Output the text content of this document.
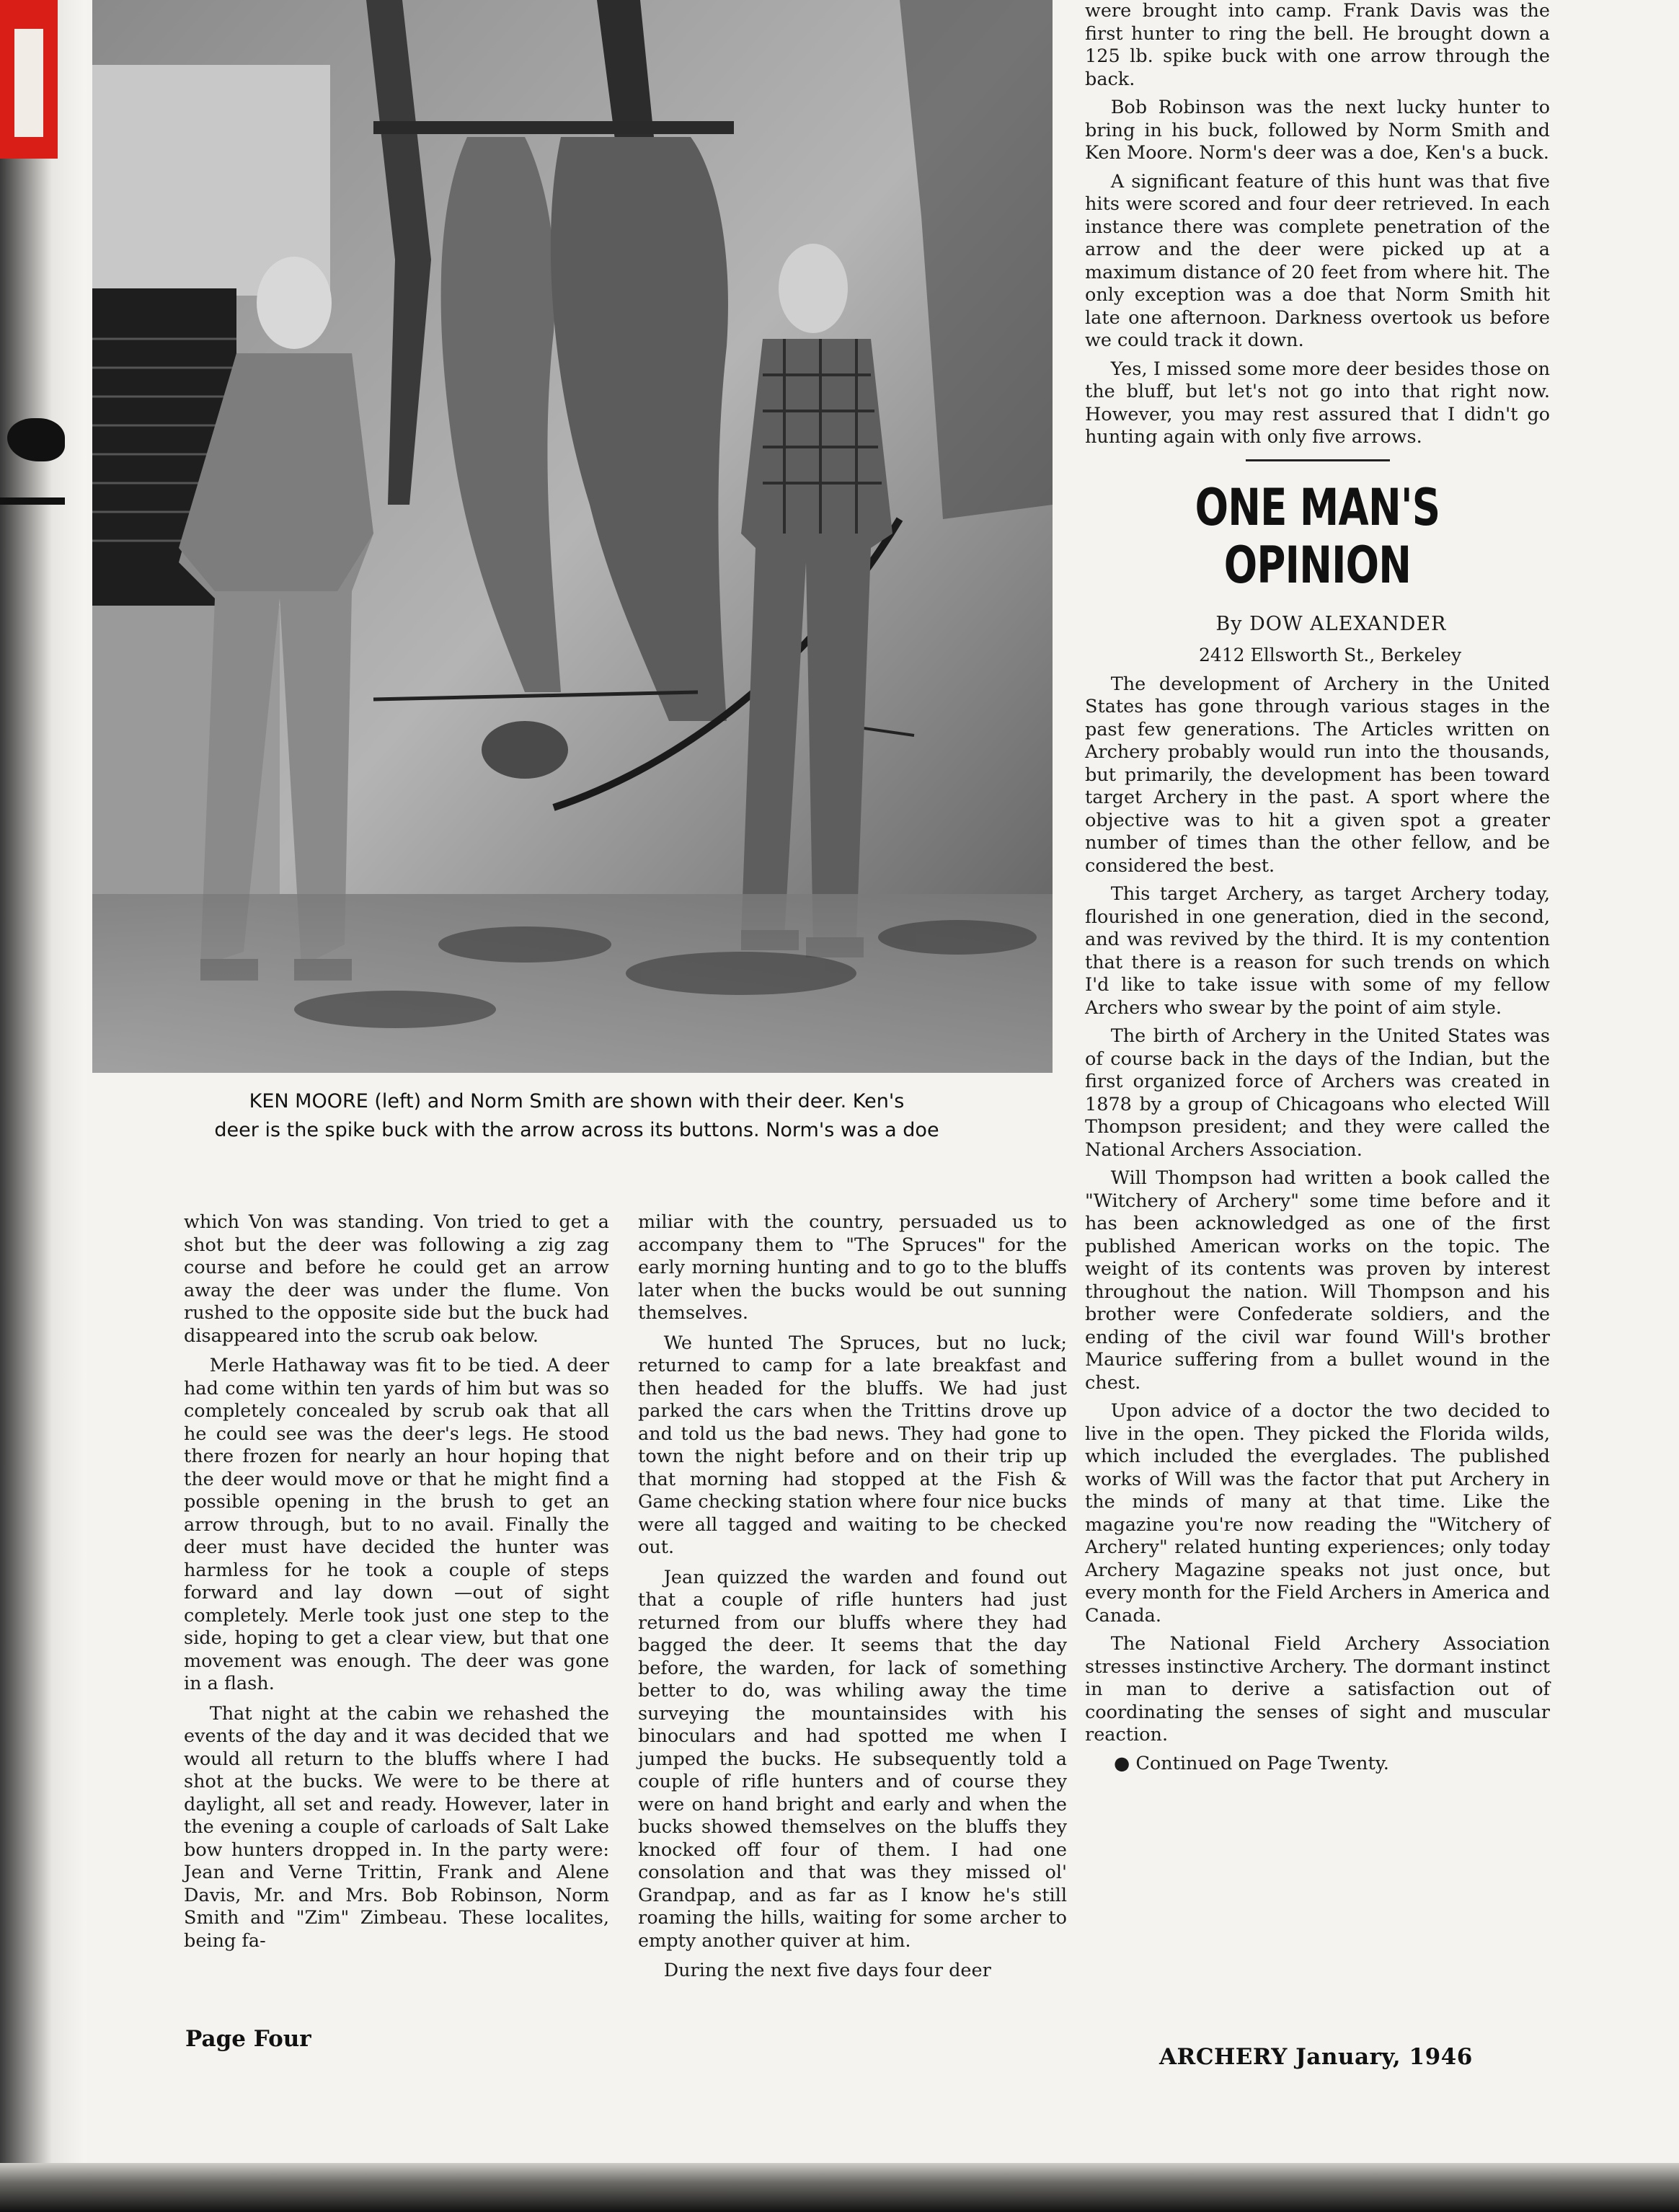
KEN MOORE (left) and Norm Smith are shown with their deer. Ken's
deer is the spike buck with the arrow across its buttons. Norm's was a doe

which Von was standing. Von tried to get a shot but the deer was following a zig zag course and before he could get an arrow away the deer was under the flume. Von rushed to the opposite side but the buck had disappeared into the scrub oak below.

Merle Hathaway was fit to be tied. A deer had come within ten yards of him but was so completely concealed by scrub oak that all he could see was the deer's legs. He stood there frozen for nearly an hour hoping that the deer would move or that he might find a possible opening in the brush to get an arrow through, but to no avail. Finally the deer must have decided the hunter was harmless for he took a couple of steps forward and lay down —out of sight completely. Merle took just one step to the side, hoping to get a clear view, but that one movement was enough. The deer was gone in a flash.

That night at the cabin we rehashed the events of the day and it was decided that we would all return to the bluffs where I had shot at the bucks. We were to be there at daylight, all set and ready. However, later in the evening a couple of carloads of Salt Lake bow hunters dropped in. In the party were: Jean and Verne Trittin, Frank and Alene Davis, Mr. and Mrs. Bob Robinson, Norm Smith and "Zim" Zimbeau. These localites, being fa-

miliar with the country, persuaded us to accompany them to "The Spruces" for the early morning hunting and to go to the bluffs later when the bucks would be out sunning themselves.

We hunted The Spruces, but no luck; returned to camp for a late breakfast and then headed for the bluffs. We had just parked the cars when the Trittins drove up and told us the bad news. They had gone to town the night before and on their trip up that morning had stopped at the Fish & Game checking station where four nice bucks were all tagged and waiting to be checked out.

Jean quizzed the warden and found out that a couple of rifle hunters had just returned from our bluffs where they had bagged the deer. It seems that the day before, the warden, for lack of something better to do, was whiling away the time surveying the mountainsides with his binoculars and had spotted me when I jumped the bucks. He subsequently told a couple of rifle hunters and of course they were on hand bright and early and when the bucks showed themselves on the bluffs they knocked off four of them. I had one consolation and that was they missed ol' Grandpap, and as far as I know he's still roaming the hills, waiting for some archer to empty another quiver at him.

During the next five days four deer

were brought into camp. Frank Davis was the first hunter to ring the bell. He brought down a 125 lb. spike buck with one arrow through the back.

Bob Robinson was the next lucky hunter to bring in his buck, followed by Norm Smith and Ken Moore. Norm's deer was a doe, Ken's a buck.

A significant feature of this hunt was that five hits were scored and four deer retrieved. In each instance there was complete penetration of the arrow and the deer were picked up at a maximum distance of 20 feet from where hit. The only exception was a doe that Norm Smith hit late one afternoon. Darkness overtook us before we could track it down.

Yes, I missed some more deer besides those on the bluff, but let's not go into that right now. However, you may rest assured that I didn't go hunting again with only five arrows.

ONE MAN'S OPINION

By DOW ALEXANDER

2412 Ellsworth St., Berkeley

The development of Archery in the United States has gone through various stages in the past few generations. The Articles written on Archery probably would run into the thousands, but primarily, the development has been toward target Archery in the past. A sport where the objective was to hit a given spot a greater number of times than the other fellow, and be considered the best.

This target Archery, as target Archery today, flourished in one generation, died in the second, and was revived by the third. It is my contention that there is a reason for such trends on which I'd like to take issue with some of my fellow Archers who swear by the point of aim style.

The birth of Archery in the United States was of course back in the days of the Indian, but the first organized force of Archers was created in 1878 by a group of Chicagoans who elected Will Thompson president; and they were called the National Archers Association.

Will Thompson had written a book called the "Witchery of Archery" some time before and it has been acknowledged as one of the first published American works on the topic. The weight of its contents was proven by interest throughout the nation. Will Thompson and his brother were Confederate soldiers, and the ending of the civil war found Will's brother Maurice suffering from a bullet wound in the chest.

Upon advice of a doctor the two decided to live in the open. They picked the Florida wilds, which included the everglades. The published works of Will was the factor that put Archery in the minds of many at that time. Like the magazine you're now reading the "Witchery of Archery" related hunting experiences; only today Archery Magazine speaks not just once, but every month for the Field Archers in America and Canada.

The National Field Archery Association stresses instinctive Archery. The dormant instinct in man to derive a satisfaction out of coordinating the senses of sight and muscular reaction.

● Continued on Page Twenty.

Page Four
ARCHERY January, 1946
